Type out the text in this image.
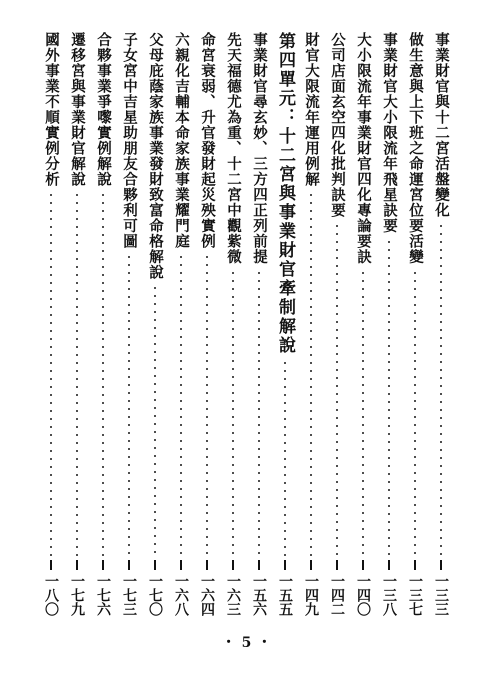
事業財官與十二宮活盤變化
一三三
做生意與上下班之命運宮位要活變
一三七
事業財官大小限流年飛星訣要
一三八
大小限流年事業財官四化專論要訣
一四〇
公司店面玄空四化批判訣要
一四二
財官大限流年運用例解
一四九
第四單元：十二宮與事業財官牽制解說
一五五
事業財官尋玄妙、三方四正列前提
一五六
先天福德尤為重、十二宮中觀紫微
一六三
命宮衰弱、升官發財起災殃實例
一六四
六親化吉輔本命家族事業耀門庭
一六八
父母庇蔭家族事業發財致富命格解說
一七〇
子女宮中吉星助朋友合夥利可圖
一七三
合夥事業爭嚟實例解說
一七六
遷移宮與事業財官解說
一七九
國外事業不順實例分析
一八〇
・5・
